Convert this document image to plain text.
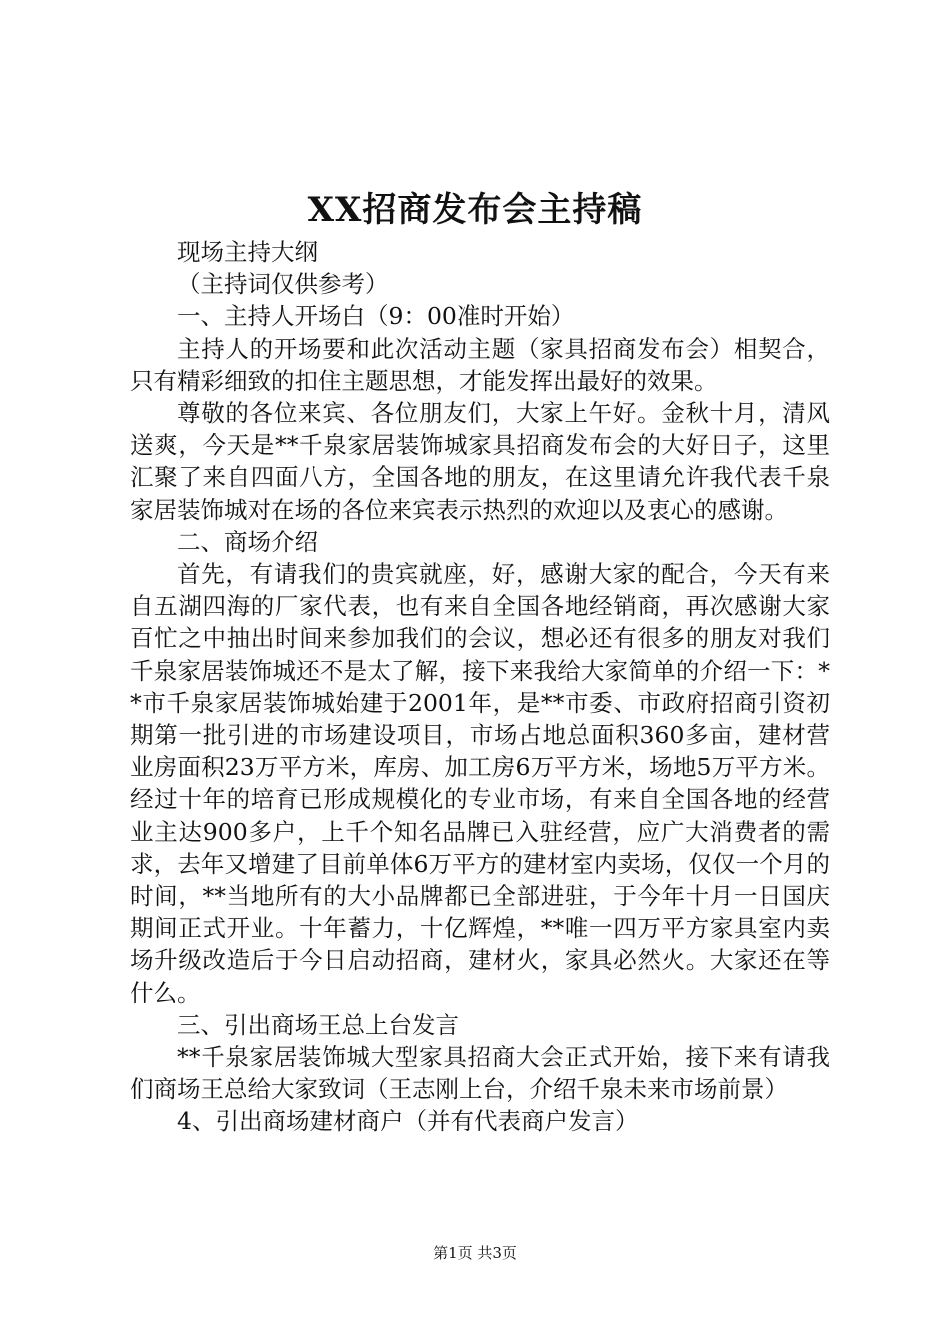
XX招商发布会主持稿

现场主持大纲

（主持词仅供参考）

一、主持人开场白（9：00准时开始）

主持人的开场要和此次活动主题（家具招商发布会）相契合，只有精彩细致的扣住主题思想，才能发挥出最好的效果。

尊敬的各位来宾、各位朋友们，大家上午好。金秋十月，清风送爽，今天是**千泉家居装饰城家具招商发布会的大好日子，这里汇聚了来自四面八方，全国各地的朋友，在这里请允许我代表千泉家居装饰城对在场的各位来宾表示热烈的欢迎以及衷心的感谢。

二、商场介绍

首先，有请我们的贵宾就座，好，感谢大家的配合，今天有来自五湖四海的厂家代表，也有来自全国各地经销商，再次感谢大家百忙之中抽出时间来参加我们的会议，想必还有很多的朋友对我们千泉家居装饰城还不是太了解，接下来我给大家简单的介绍一下：**市千泉家居装饰城始建于2001年，是**市委、市政府招商引资初期第一批引进的市场建设项目，市场占地总面积360多亩，建材营业房面积23万平方米，库房、加工房6万平方米，场地5万平方米。经过十年的培育已形成规模化的专业市场，有来自全国各地的经营业主达900多户，上千个知名品牌已入驻经营，应广大消费者的需求，去年又增建了目前单体6万平方的建材室内卖场，仅仅一个月的时间，**当地所有的大小品牌都已全部进驻，于今年十月一日国庆期间正式开业。十年蓄力，十亿辉煌，**唯一四万平方家具室内卖场升级改造后于今日启动招商，建材火，家具必然火。大家还在等什么。

三、引出商场王总上台发言

**千泉家居装饰城大型家具招商大会正式开始，接下来有请我们商场王总给大家致词（王志刚上台，介绍千泉未来市场前景）

4、引出商场建材商户（并有代表商户发言）

第1页 共3页
